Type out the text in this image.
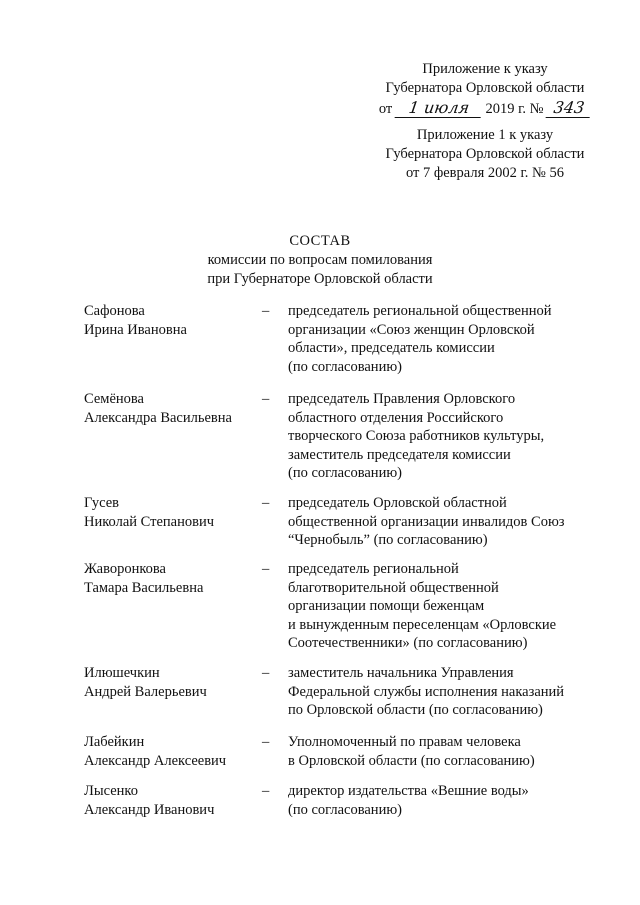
Приложение к указу
Губернатора Орловской области
от 1 июля 2019 г. № 343
Приложение 1 к указу
Губернатора Орловской области
от 7 февраля 2002 г. № 56
СОСТАВ
комиссии по вопросам помилования
при Губернаторе Орловской области
Сафонова
Ирина Ивановна
– председатель региональной общественной
организации «Союз женщин Орловской
области», председатель комиссии
(по согласованию)
Семёнова
Александра Васильевна
– председатель Правления Орловского
областного отделения Российского
творческого Союза работников культуры,
заместитель председателя комиссии
(по согласованию)
Гусев
Николай Степанович
– председатель Орловской областной
общественной организации инвалидов Союз
“Чернобыль” (по согласованию)
Жаворонкова
Тамара Васильевна
– председатель региональной
благотворительной общественной
организации помощи беженцам
и вынужденным переселенцам «Орловские
Соотечественники» (по согласованию)
Илюшечкин
Андрей Валерьевич
– заместитель начальника Управления
Федеральной службы исполнения наказаний
по Орловской области (по согласованию)
Лабейкин
Александр Алексеевич
– Уполномоченный по правам человека
в Орловской области (по согласованию)
Лысенко
Александр Иванович
– директор издательства «Вешние воды»
(по согласованию)
